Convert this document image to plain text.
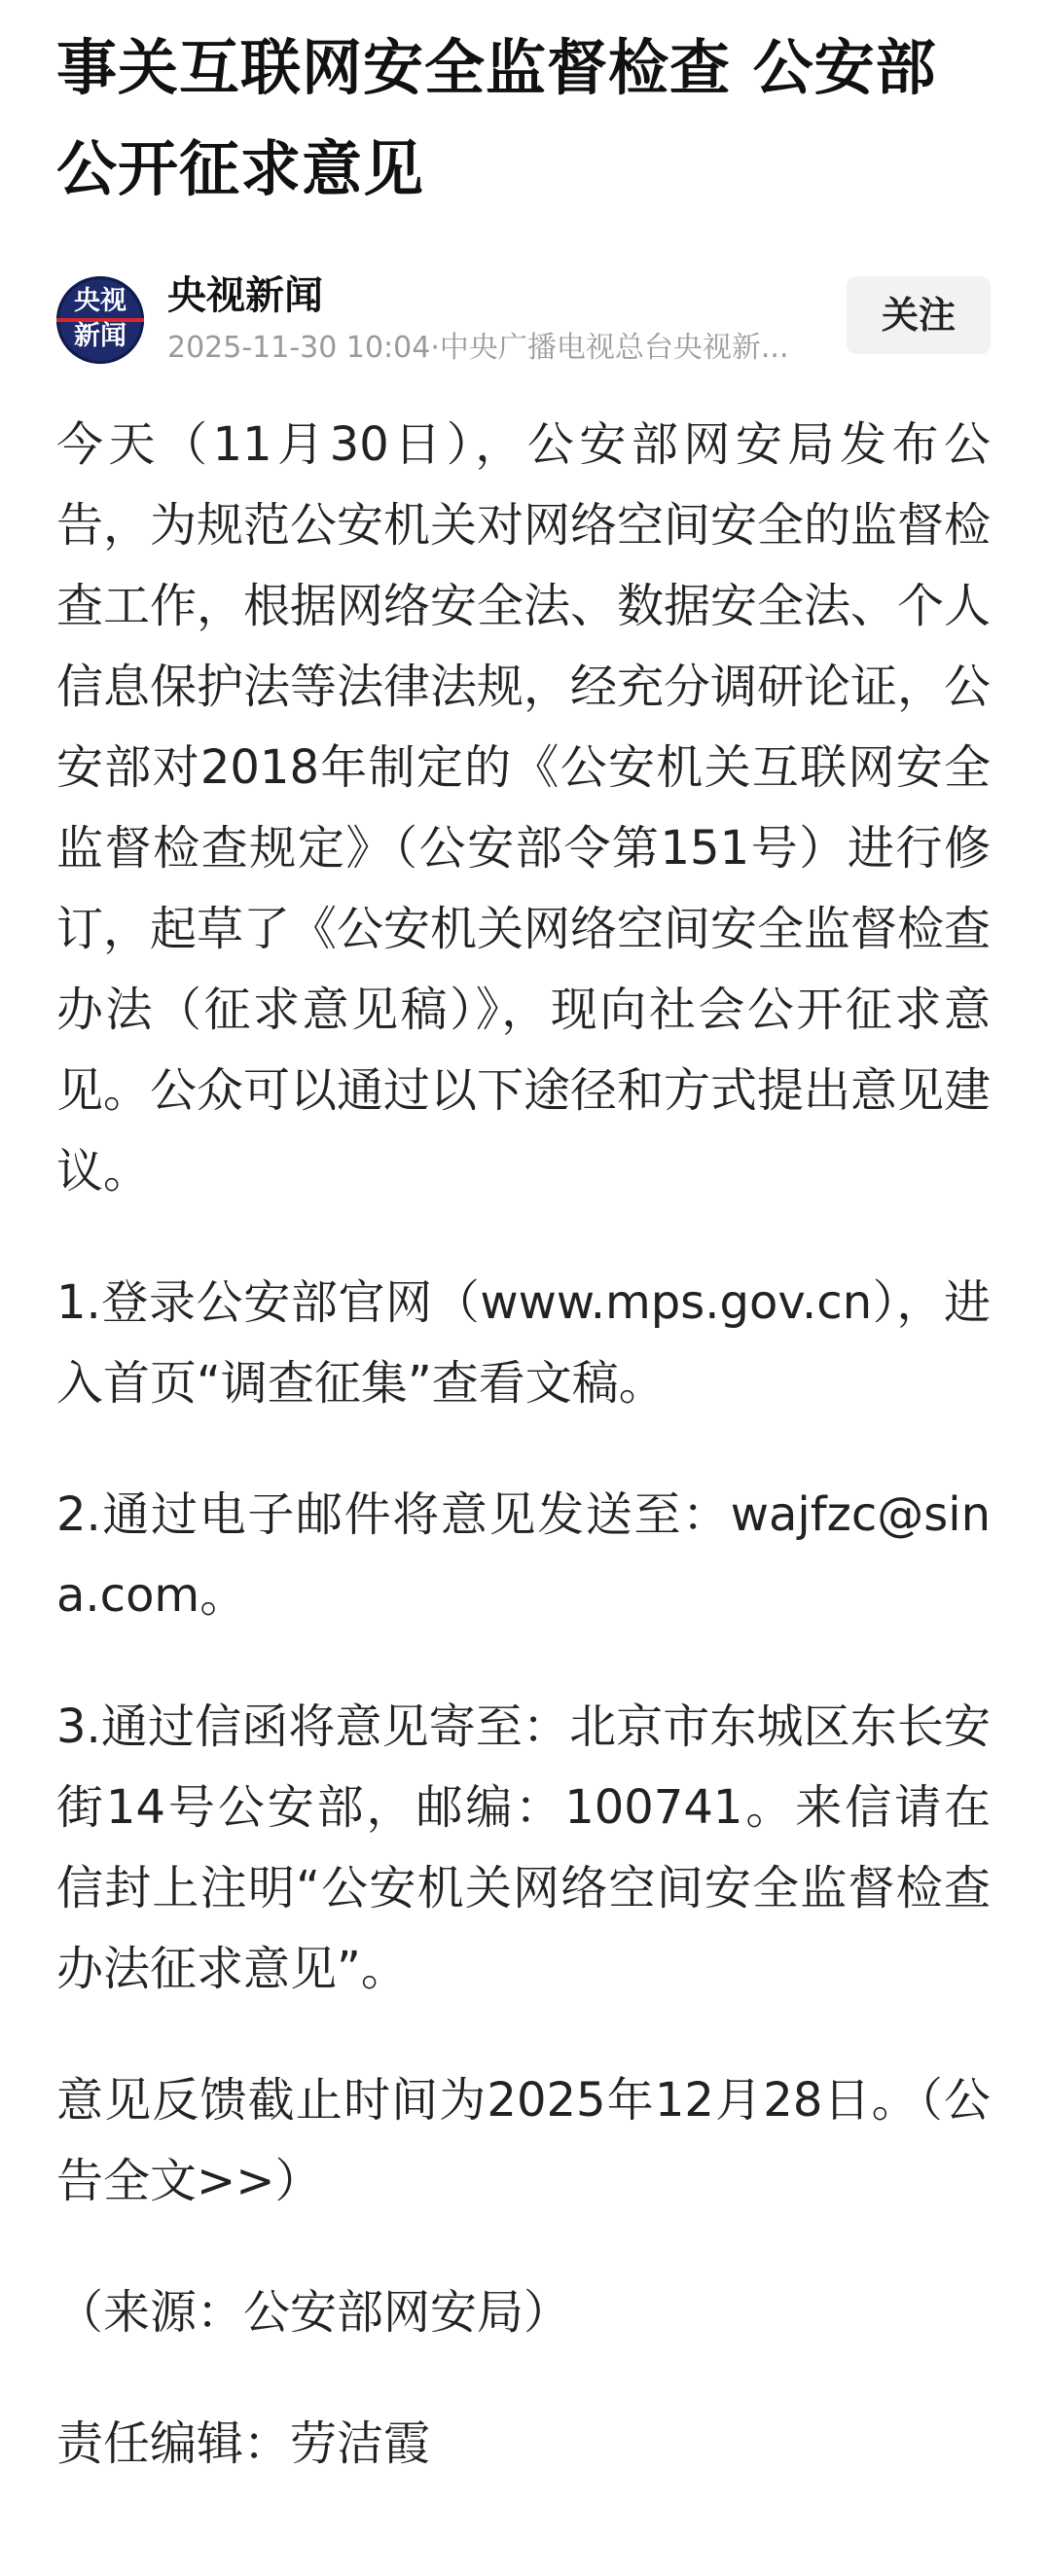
事关互联网安全监督检查 公安部公开征求意见
央视
新闻
央视新闻
2025-11-30 10:04·中央广播电视总台央视新...
关注

今天（11月30日），公安部网安局发布公告，为规范公安机关对网络空间安全的监督检查工作，根据网络安全法、数据安全法、个人信息保护法等法律法规，经充分调研论证，公安部对2018年制定的《公安机关互联网安全监督检查规定》（公安部令第151号）进行修订，起草了《公安机关网络空间安全监督检查办法（征求意见稿）》，现向社会公开征求意见。公众可以通过以下途径和方式提出意见建议。

1.登录公安部官网（www.mps.gov.cn），进入首页“调查征集”查看文稿。

2.通过电子邮件将意见发送至：wajfzc@sina.com。

3.通过信函将意见寄至：北京市东城区东长安街14号公安部，邮编：100741。来信请在信封上注明“公安机关网络空间安全监督检查办法征求意见”。

意见反馈截止时间为2025年12月28日。（公告全文>>）

（来源：公安部网安局）

责任编辑：劳洁霞
